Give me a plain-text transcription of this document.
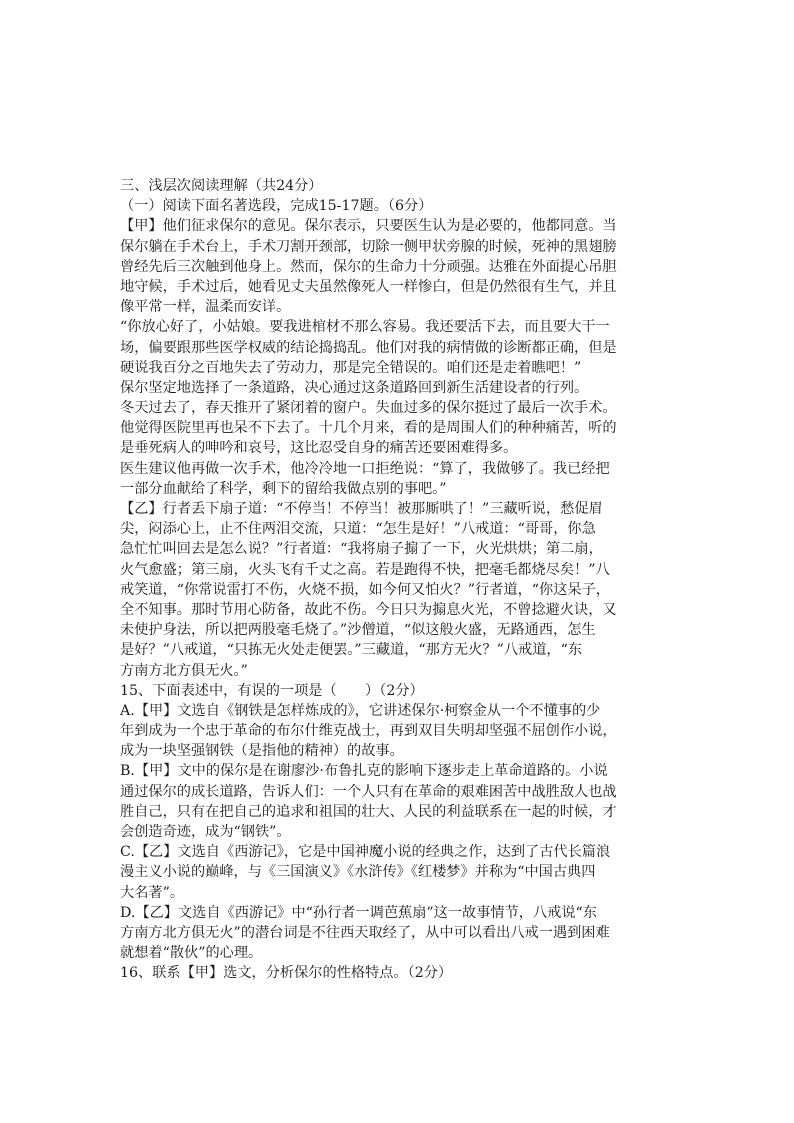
三、浅层次阅读理解（共24分）
（一）阅读下面名著选段，完成15-17题。（6分）
【甲】他们征求保尔的意见。保尔表示，只要医生认为是必要的，他都同意。当
保尔躺在手术台上，手术刀割开颈部，切除一侧甲状旁腺的时候，死神的黑翅膀
曾经先后三次触到他身上。然而，保尔的生命力十分顽强。达雅在外面提心吊胆
地守候，手术过后，她看见丈夫虽然像死人一样惨白，但是仍然很有生气，并且
像平常一样，温柔而安详。
“你放心好了，小姑娘。要我进棺材不那么容易。我还要活下去，而且要大干一
场，偏要跟那些医学权威的结论捣捣乱。他们对我的病情做的诊断都正确，但是
硬说我百分之百地失去了劳动力，那是完全错误的。咱们还是走着瞧吧！”
保尔坚定地选择了一条道路，决心通过这条道路回到新生活建设者的行列。
冬天过去了，春天推开了紧闭着的窗户。失血过多的保尔挺过了最后一次手术。
他觉得医院里再也呆不下去了。十几个月来，看的是周围人们的种种痛苦，听的
是垂死病人的呻吟和哀号，这比忍受自身的痛苦还要困难得多。
医生建议他再做一次手术，他冷冷地一口拒绝说：“算了，我做够了。我已经把
一部分血献给了科学，剩下的留给我做点别的事吧。”
【乙】行者丢下扇子道：“不停当！不停当！被那厮哄了！”三藏听说，愁促眉
尖，闷添心上，止不住两泪交流，只道：“怎生是好！”八戒道：“哥哥，你急
急忙忙叫回去是怎么说？”行者道：“我将扇子搧了一下，火光烘烘；第二扇，
火气愈盛；第三扇，火头飞有千丈之高。若是跑得不快，把毫毛都烧尽矣！”八
戒笑道，“你常说雷打不伤，火烧不损，如今何又怕火？”行者道，“你这呆子，
全不知事。那时节用心防备，故此不伤。今日只为搧息火光，不曾捻避火诀，又
未使护身法，所以把两股毫毛烧了。”沙僧道，“似这般火盛，无路通西，怎生
是好？”八戒道，“只拣无火处走便罢。”三藏道，“那方无火？”八戒道，“东
方南方北方俱无火。”
15、下面表述中，有误的一项是（　　）（2分）
A.【甲】文选自《钢铁是怎样炼成的》，它讲述保尔·柯察金从一个不懂事的少
年到成为一个忠于革命的布尔什维克战士，再到双目失明却坚强不屈创作小说，
成为一块坚强钢铁（是指他的精神）的故事。
B.【甲】文中的保尔是在谢廖沙·布鲁扎克的影响下逐步走上革命道路的。小说
通过保尔的成长道路，告诉人们：一个人只有在革命的艰难困苦中战胜敌人也战
胜自己，只有在把自己的追求和祖国的壮大、人民的利益联系在一起的时候，才
会创造奇迹，成为“钢铁”。
C.【乙】文选自《西游记》，它是中国神魔小说的经典之作，达到了古代长篇浪
漫主义小说的巅峰，与《三国演义》《水浒传》《红楼梦》并称为“中国古典四
大名著”。
D.【乙】文选自《西游记》中“孙行者一调芭蕉扇”这一故事情节，八戒说“东
方南方北方俱无火”的潜台词是不往西天取经了，从中可以看出八戒一遇到困难
就想着“散伙”的心理。
16、联系【甲】选文，分析保尔的性格特点。（2分）
